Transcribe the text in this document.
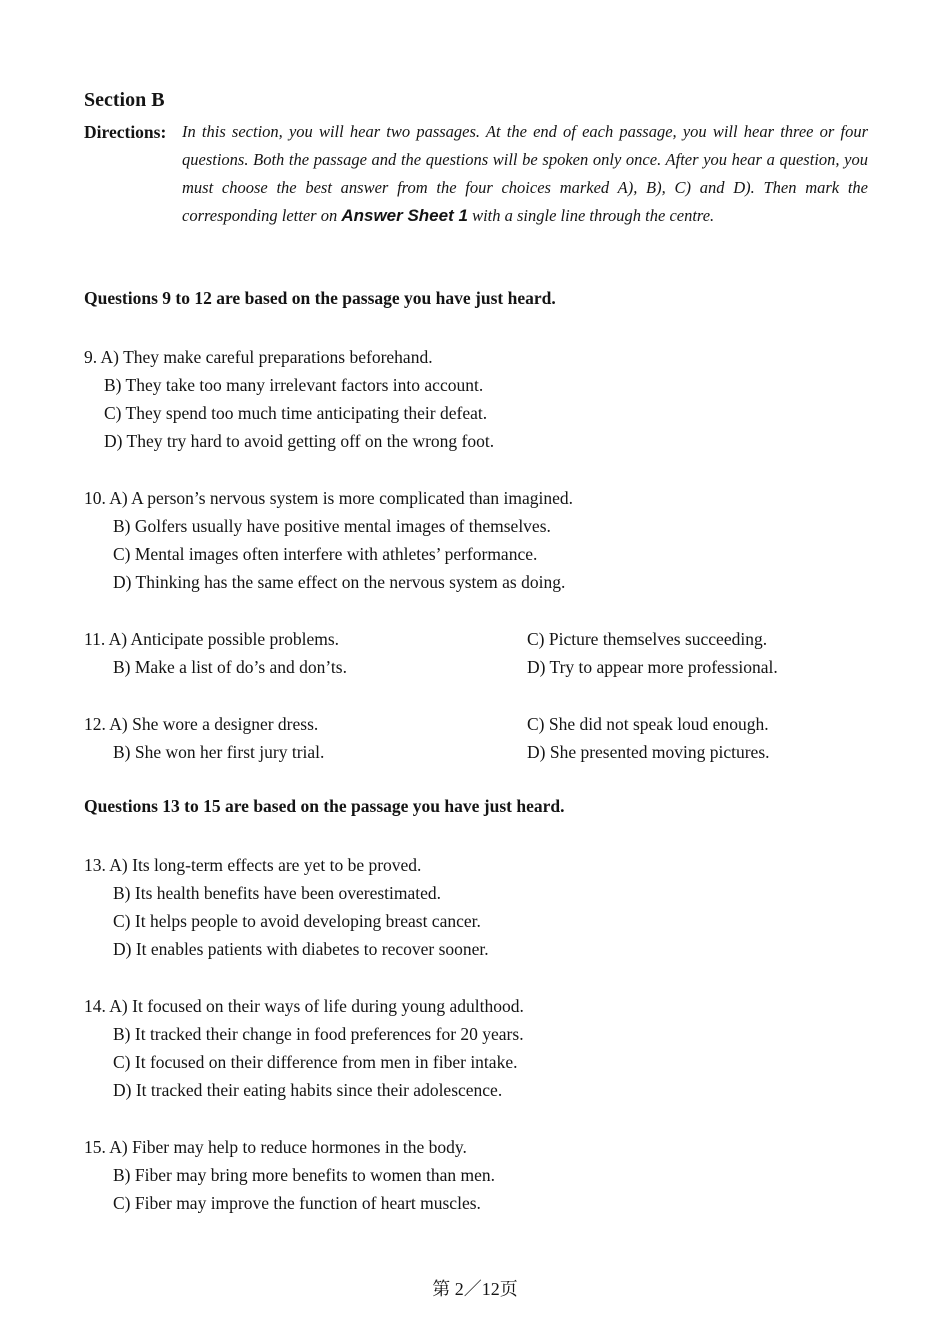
Section B
Directions: In this section, you will hear two passages. At the end of each passage, you will hear three or four questions. Both the passage and the questions will be spoken only once. After you hear a question, you must choose the best answer from the four choices marked A), B), C) and D). Then mark the corresponding letter on Answer Sheet 1 with a single line through the centre.

Questions 9 to 12 are based on the passage you have just heard.

9. A) They make careful preparations beforehand.
B) They take too many irrelevant factors into account.
C) They spend too much time anticipating their defeat.
D) They try hard to avoid getting off on the wrong foot.
10. A) A person’s nervous system is more complicated than imagined.
B) Golfers usually have positive mental images of themselves.
C) Mental images often interfere with athletes’ performance.
D) Thinking has the same effect on the nervous system as doing.
11. A) Anticipate possible problems.	C) Picture themselves succeeding.
B) Make a list of do’s and don’ts.	D) Try to appear more professional.
12. A) She wore a designer dress.	C) She did not speak loud enough.
B) She won her first jury trial.	D) She presented moving pictures.

Questions 13 to 15 are based on the passage you have just heard.

13. A) Its long-term effects are yet to be proved.
B) Its health benefits have been overestimated.
C) It helps people to avoid developing breast cancer.
D) It enables patients with diabetes to recover sooner.
14. A) It focused on their ways of life during young adulthood.
B) It tracked their change in food preferences for 20 years.
C) It focused on their difference from men in fiber intake.
D) It tracked their eating habits since their adolescence.
15. A) Fiber may help to reduce hormones in the body.
B) Fiber may bring more benefits to women than men.
C) Fiber may improve the function of heart muscles.
第 2／12页
